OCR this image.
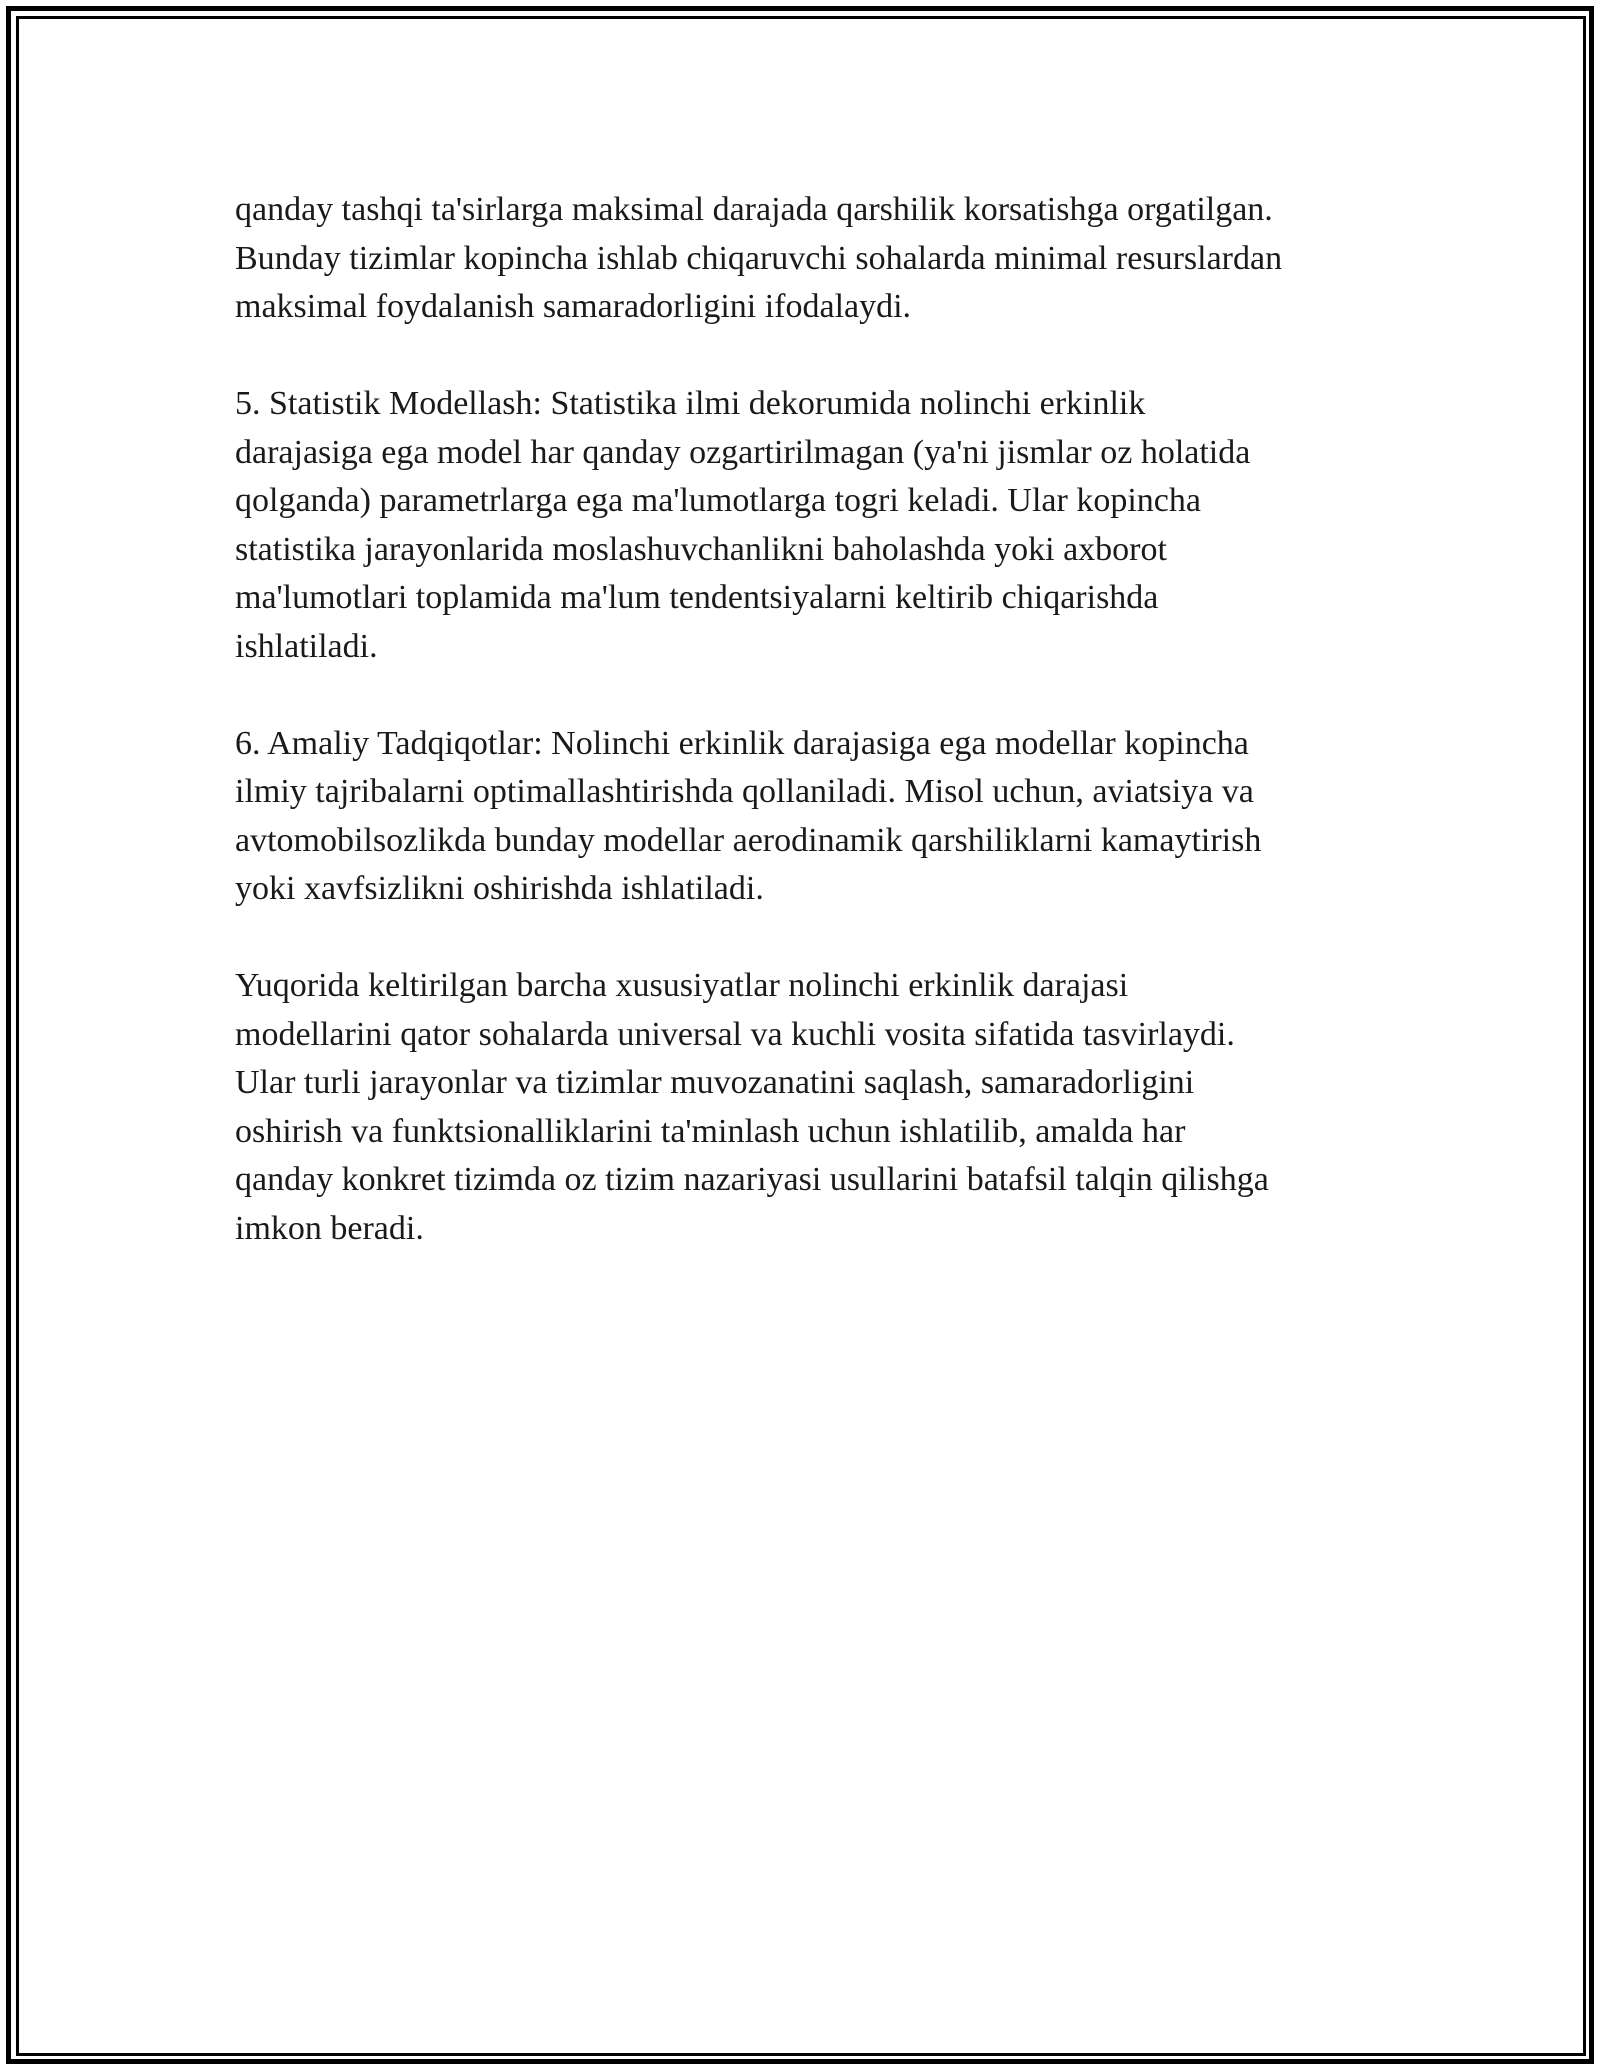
qanday tashqi ta'sirlarga maksimal darajada qarshilik korsatishga orgatilgan.
Bunday tizimlar kopincha ishlab chiqaruvchi sohalarda minimal resurslardan
maksimal foydalanish samaradorligini ifodalaydi.

5. Statistik Modellash: Statistika ilmi dekorumida nolinchi erkinlik
darajasiga ega model har qanday ozgartirilmagan (ya'ni jismlar oz holatida
qolganda) parametrlarga ega ma'lumotlarga togri keladi. Ular kopincha
statistika jarayonlarida moslashuvchanlikni baholashda yoki axborot
ma'lumotlari toplamida ma'lum tendentsiyalarni keltirib chiqarishda
ishlatiladi.

6. Amaliy Tadqiqotlar: Nolinchi erkinlik darajasiga ega modellar kopincha
ilmiy tajribalarni optimallashtirishda qollaniladi. Misol uchun, aviatsiya va
avtomobilsozlikda bunday modellar aerodinamik qarshiliklarni kamaytirish
yoki xavfsizlikni oshirishda ishlatiladi.

Yuqorida keltirilgan barcha xususiyatlar nolinchi erkinlik darajasi
modellarini qator sohalarda universal va kuchli vosita sifatida tasvirlaydi.
Ular turli jarayonlar va tizimlar muvozanatini saqlash, samaradorligini
oshirish va funktsionalliklarini ta'minlash uchun ishlatilib, amalda har
qanday konkret tizimda oz tizim nazariyasi usullarini batafsil talqin qilishga
imkon beradi.
